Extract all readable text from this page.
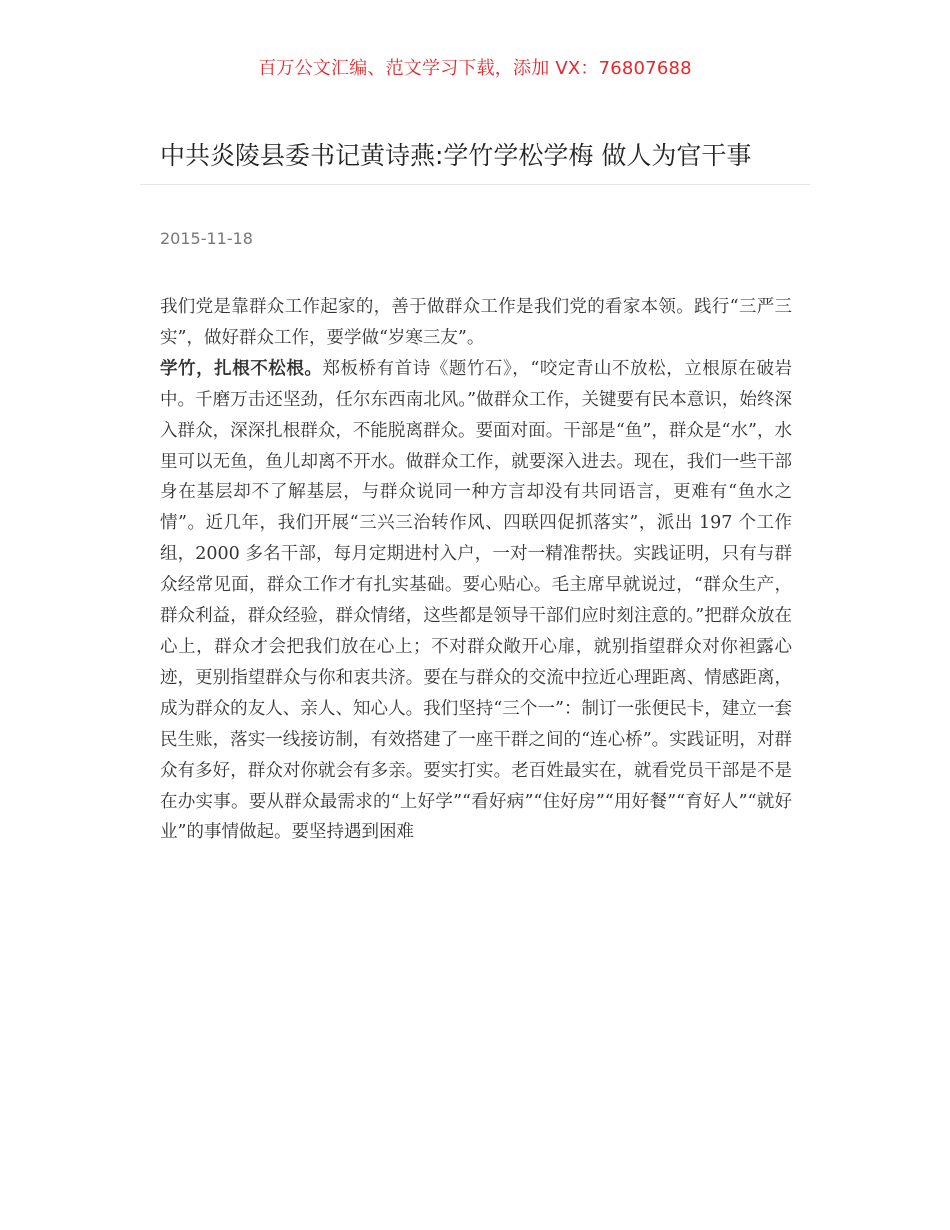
百万公文汇编、范文学习下载，添加 VX：76807688
中共炎陵县委书记黄诗燕:学竹学松学梅 做人为官干事
2015-11-18

我们党是靠群众工作起家的，善于做群众工作是我们党的看家本领。践行“三严三实”，做好群众工作，要学做“岁寒三友”。

学竹，扎根不松根。郑板桥有首诗《题竹石》，“咬定青山不放松，立根原在破岩中。千磨万击还坚劲，任尔东西南北风。”做群众工作，关键要有民本意识，始终深入群众，深深扎根群众，不能脱离群众。要面对面。干部是“鱼”，群众是“水”，水里可以无鱼，鱼儿却离不开水。做群众工作，就要深入进去。现在，我们一些干部身在基层却不了解基层，与群众说同一种方言却没有共同语言，更难有“鱼水之情”。近几年，我们开展“三兴三治转作风、四联四促抓落实”，派出 197 个工作组，2000 多名干部，每月定期进村入户，一对一精准帮扶。实践证明，只有与群众经常见面，群众工作才有扎实基础。要心贴心。毛主席早就说过，“群众生产，群众利益，群众经验，群众情绪，这些都是领导干部们应时刻注意的。”把群众放在心上，群众才会把我们放在心上；不对群众敞开心扉，就别指望群众对你袒露心迹，更别指望群众与你和衷共济。要在与群众的交流中拉近心理距离、情感距离，成为群众的友人、亲人、知心人。我们坚持“三个一”：制订一张便民卡，建立一套民生账，落实一线接访制，有效搭建了一座干群之间的“连心桥”。实践证明，对群众有多好，群众对你就会有多亲。要实打实。老百姓最实在，就看党员干部是不是在办实事。要从群众最需求的“上好学”“看好病”“住好房”“用好餐”“育好人”“就好业”的事情做起。要坚持遇到困难
